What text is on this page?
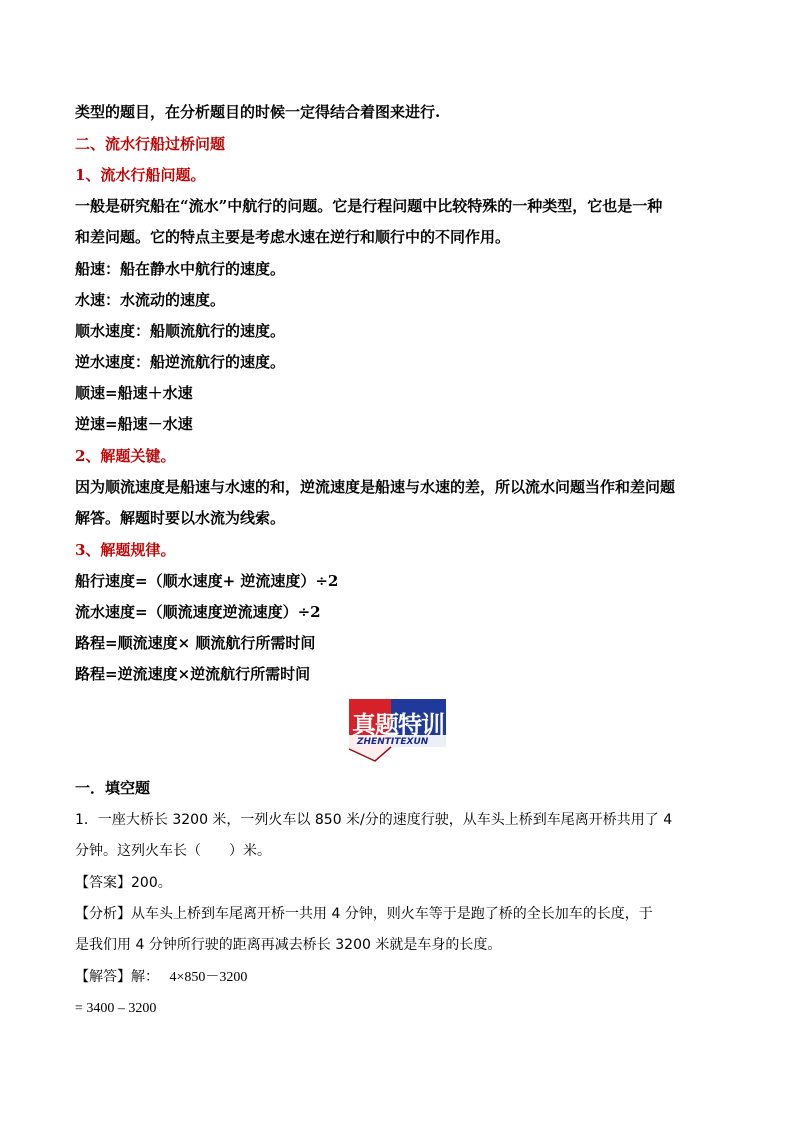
类型的题目，在分析题目的时候一定得结合着图来进行.
二、流水行船过桥问题
1、流水行船问题。
一般是研究船在“流水”中航行的问题。它是行程问题中比较特殊的一种类型，它也是一种
和差问题。它的特点主要是考虑水速在逆行和顺行中的不同作用。
船速：船在静水中航行的速度。
水速：水流动的速度。
顺水速度：船顺流航行的速度。
逆水速度：船逆流航行的速度。
顺速=船速＋水速
逆速=船速－水速
2、解题关键。
因为顺流速度是船速与水速的和，逆流速度是船速与水速的差，所以流水问题当作和差问题
解答。解题时要以水流为线索。
3、解题规律。
船行速度=（顺水速度+ 逆流速度）÷2
流水速度=（顺流速度逆流速度）÷2
路程=顺流速度× 顺流航行所需时间
路程=逆流速度×逆流航行所需时间
真题特训
ZHENTITEXUN
一．填空题
1．一座大桥长 3200 米，一列火车以 850 米/分的速度行驶，从车头上桥到车尾离开桥共用了 4
分钟。这列火车长（　　）米。
【答案】200。
【分析】从车头上桥到车尾离开桥一共用 4 分钟，则火车等于是跑了桥的全长加车的长度，于
是我们用 4 分钟所行驶的距离再减去桥长 3200 米就是车身的长度。
【解答】解： 4×850－3200
= 3400 – 3200
